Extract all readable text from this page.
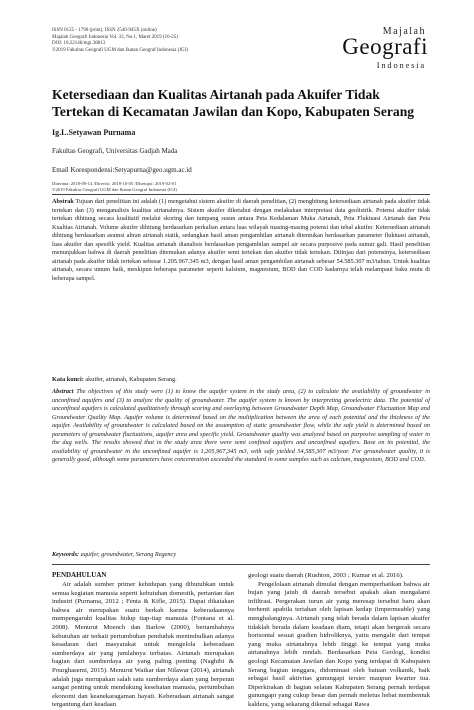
ISSN 0125 - 1790 (print), ISSN 2540-945X (online)
Majalah Geografi Indonesia Vol. 33, No.1, Maret 2019 (16-25)
DOI: 10.22146/mgi.38813
©2019 Fakultas Geografi UGM dan Ikatan Geograf Indonesia (IGI)
Majalah
Geografi
Indonesia
Ketersediaan dan Kualitas Airtanah pada Akuifer Tidak Tertekan di Kecamatan Jawilan dan Kopo, Kabupaten Serang
Ig.L.Setyawan Purnama
Fakultas Geografi, Universitas Gadjah Mada
Email Korespondensi:Setyapurna@geo.ugm.ac.id
Diterima: 2018-09-14 /Direvisi: 2018-10-05 /Disetujui: 2019-02-01
©2019 Fakultas Geografi UGM dan Ikatan Geograf Indonesia (IGI)
Abstrak Tujuan dari penelitian ini adalah (1) mengetahui sistem akuifer di daerah penelitian, (2) menghitung ketersediaan airtanah pada akuifer tidak tertekan dan (3) menganalisis kualitas airtanahnya. Sistem akuifer diketahui dengan melakukan interpretasi data geolistrik. Potensi akuifer tidak tertekan dihitung secara kualitatif melalui skoring dan tumpang susun antara Peta Kedalaman Muka Airtanah, Peta Fluktuasi Airtanah dan Peta Kualitas Airtanah. Volume akuifer dihitung berdasarkan perkalian antara luas wilayah masing-masing potensi dan tebal akuifer. Ketersediaan airtanah dihitung berdasarkan asumsi aliran airtanah statik, sedangkan hasil aman pengambilan airtanah ditentukan berdasarkan parameter fluktuasi airtanah, luas akuifer dan spesifik yield. Kualitas airtanah dianalisis berdasarkan pengambilan sampel air secara purposive pada sumur gali. Hasil penelitian menunjukkan bahwa di daerah penelitian ditemukan adanya akuifer semi tertekan dan akuifer tidak tertekan. Ditinjau dari potensinya, ketersediaan airtanah pada akuifer tidak tertekan sebesar 1.205.967.345 m3, dengan hasil aman pengambilan airtanah sebesar 54.585.307 m3/tahun. Untuk kualitas airtanah, secara umum baik, meskipun beberapa parameter seperti kalsium, magnesium, BOD dan COD kadarnya telah melampaui baku mutu di beberapa sampel.
Kata kunci: akuifer, airtanah, Kabupaten Serang.
Abstract The objectives of this study were (1) to know the aquifer system in the study area, (2) to calculate the availability of groundwater in unconfined aquifers and (3) to analyze the quality of groundwater. The aquifer system is known by interpreting geoelectric data. The potential of unconfined aquifers is calculated qualitatively through scoring and overlaying between Groundwater Depth Map, Groundwater Fluctuation Map and Groundwater Quality Map. Aquifer volume is determined based on the multiplication between the area of each potential and the thickness of the aquifer. Availability of groundwater is calculated based on the assumption of static groundwater flow, while the safe yield is determined based on parameters of groundwater fluctuations, aquifer area and specific yield. Groundwater quality was analyzed based on purposive sampling of water in the dug wells. The results showed that in the study area there were semi confined aquifers and unconfined aquifers. Base on its potential, the availability of groundwater in the unconfined aquifer is 1,205,967,345 m3, with safe yielded 54,585,307 m3/year. For groundwater quality, it is generally good, although some parameters have concentration exceeded the standard in some samples such as calcium, magnesium, BOD and COD.
Keywords: aquifer, groundwater, Serang Regency
PENDAHULUAN
Air adalah sumber primer kehidupan yang dibutuhkan untuk semua kegiatan manusia seperti kebutuhan domestik, pertanian dan industri (Purnama, 2012 ; Fenta & Kifle, 2015). Dapat dikatakan bahwa air merupakan suatu berkah karena keberadaannya mempengaruhi kualitas hidup tiap-tiap manusia (Fontana et al. 2008). Menurut Moench dan Barlow (2000), bertambahnya kebutuhan air terkait pertumbuhan penduduk menimbulkan adanya kesadaran dari masyarakat untuk mengelola keberadaan sumberdaya air yang jumlahnya terbatas. Airtanah merupakan bagian dari sumberdaya air yang paling penting (Naghibi & Pourghasemi, 2015). Menurut Waikar dan Nilawar (2014), airtanah adalah juga merupakan salah satu sumberdaya alam yang berperan sangat penting untuk mendukung kesehatan manusia, pertumbuhan ekonomi dan keanekaragaman hayati. Keberadaan airtanah sangat tergantung dari keadaan
geologi suatu daerah (Rushton, 2003 ; Kumar et al. 2016).
Pengelolaan airtanah dimulai dengan memperhatikan bahwa air hujan yang jatuh di daerah tersebut apakah akan mengalami infiltrasi. Pergerakan turun air yang meresap tersebut baru akan berhenti apabila tertahan oleh lapisan kedap (impermeable) yang menghalanginya. Airtanah yang telah berada dalam lapisan akuifer tidaklah berada dalam keadaan diam, tetapi akan bergerak secara horisontal sesuai gradien hidroliknya, yaitu mengalir dari tempat yang muka airtanahnya lebih tinggi ke tempat yang muka airtanahnya lebih rendah. Berdasarkan Peta Geologi, kondisi geologi Kecamatan Jawilan dan Kopo yang terdapat di Kabupaten Serang bagian tenggara, didominasi oleh batuan volkanik, baik sebagai hasil aktivitas gunungapi tersier maupun kwarter tua. Diperkirakan di bagian selatan Kabupaten Serang pernah terdapat gunungapi yang cukup besar dan pernah meletus hebat membentuk kaldera, yang sekarang dikenal sebagai Rawa
